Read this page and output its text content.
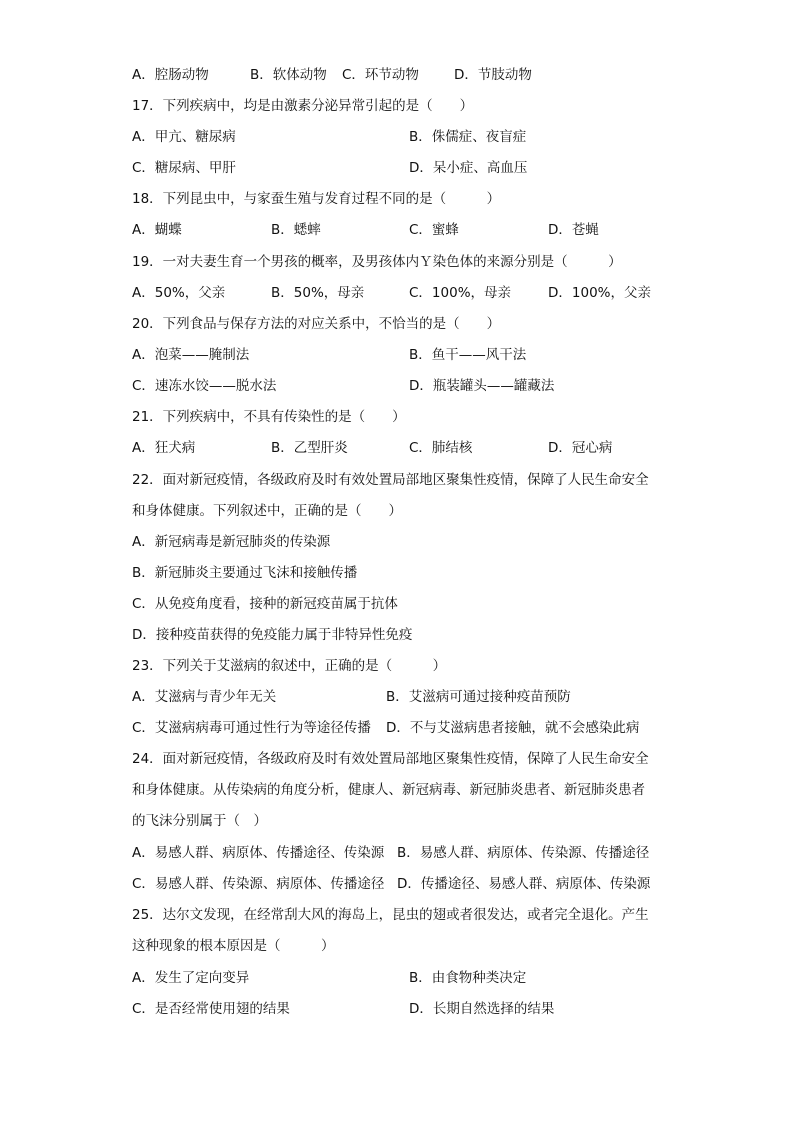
A．腔肠动物	B．软体动物 C．环节动物	D．节肢动物
17．下列疾病中，均是由激素分泌异常引起的是（　　）
A．甲亢、糖尿病	B．侏儒症、夜盲症
C．糖尿病、甲肝	D．呆小症、高血压
18．下列昆虫中，与家蚕生殖与发育过程不同的是（　　　）
A．蝴蝶	B．蟋蟀	C．蜜蜂	D．苍蝇
19．一对夫妻生育一个男孩的概率，及男孩体内Ｙ染色体的来源分别是（　　　）
A．50%，父亲	B．50%，母亲	C．100%，母亲	D．100%，父亲
20．下列食品与保存方法的对应关系中，不恰当的是（　　）
A．泡菜——腌制法	B．鱼干——风干法
C．速冻水饺——脱水法	D．瓶装罐头——罐藏法
21．下列疾病中，不具有传染性的是（　　）
A．狂犬病	B．乙型肝炎	C．肺结核	D．冠心病
22．面对新冠疫情，各级政府及时有效处置局部地区聚集性疫情，保障了人民生命安全
和身体健康。下列叙述中，正确的是（　　）
A．新冠病毒是新冠肺炎的传染源
B．新冠肺炎主要通过飞沫和接触传播
C．从免疫角度看，接种的新冠疫苗属于抗体
D．接种疫苗获得的免疫能力属于非特异性免疫
23．下列关于艾滋病的叙述中，正确的是（　　　）
A．艾滋病与青少年无关	B．艾滋病可通过接种疫苗预防
C．艾滋病病毒可通过性行为等途径传播 D．不与艾滋病患者接触，就不会感染此病
24．面对新冠疫情，各级政府及时有效处置局部地区聚集性疫情，保障了人民生命安全
和身体健康。从传染病的角度分析，健康人、新冠病毒、新冠肺炎患者、新冠肺炎患者
的飞沫分别属于（　）
A．易感人群、病原体、传播途径、传染源 B．易感人群、病原体、传染源、传播途径
C．易感人群、传染源、病原体、传播途径 D．传播途径、易感人群、病原体、传染源
25．达尔文发现，在经常刮大风的海岛上，昆虫的翅或者很发达，或者完全退化。产生
这种现象的根本原因是（　　　）
A．发生了定向变异	B．由食物种类决定
C．是否经常使用翅的结果	D．长期自然选择的结果
